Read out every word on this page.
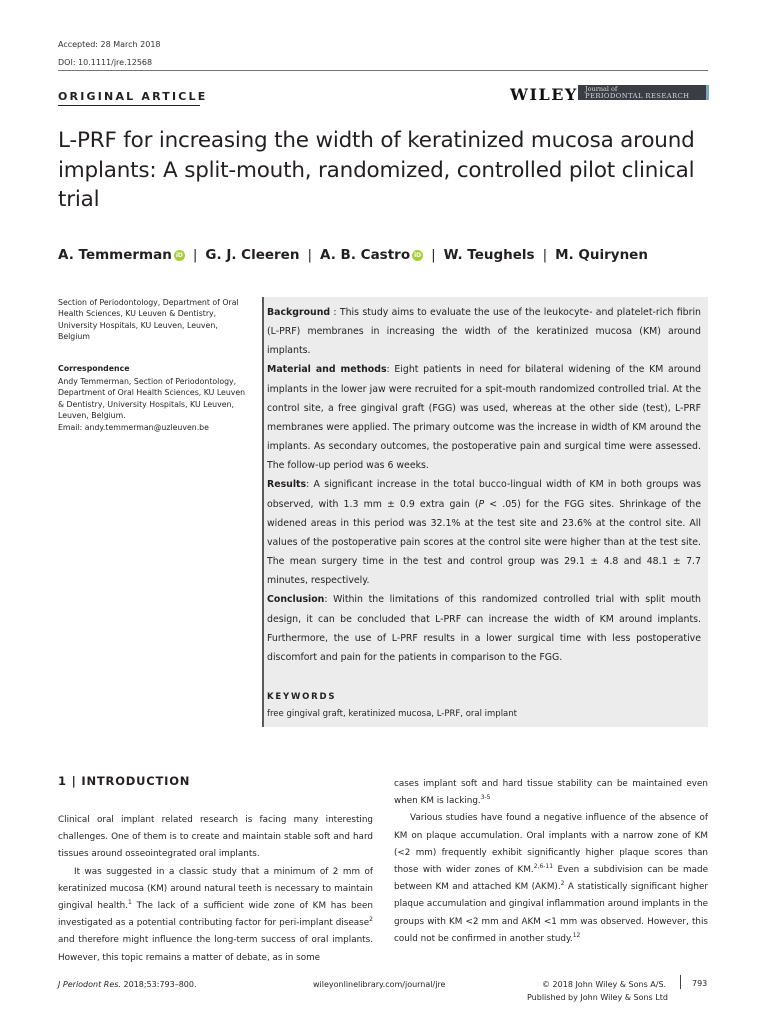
Accepted: 28 March 2018
DOI: 10.1111/jre.12568
ORIGINAL ARTICLE	WILEY Journal of
PERIODONTAL RESEARCH
L-PRF for increasing the width of keratinized mucosa around implants: A split-mouth, randomized, controlled pilot clinical trial
A. Temmerman iD | G. J. Cleeren | A. B. Castro iD | W. Teughels | M. Quirynen
Section of Periodontology, Department of Oral Health Sciences, KU Leuven & Dentistry, University Hospitals, KU Leuven, Leuven, Belgium
Correspondence
Andy Temmerman, Section of Periodontology, Department of Oral Health Sciences, KU Leuven & Dentistry, University Hospitals, KU Leuven, Leuven, Belgium.
Email: andy.temmerman@uzleuven.be

Background : This study aims to evaluate the use of the leukocyte- and platelet-rich fibrin (L-PRF) membranes in increasing the width of the keratinized mucosa (KM) around implants.

Material and methods: Eight patients in need for bilateral widening of the KM around implants in the lower jaw were recruited for a spit-mouth randomized controlled trial. At the control site, a free gingival graft (FGG) was used, whereas at the other side (test), L-PRF membranes were applied. The primary outcome was the increase in width of KM around the implants. As secondary outcomes, the postoperative pain and surgical time were assessed. The follow-up period was 6 weeks.

Results: A significant increase in the total bucco-lingual width of KM in both groups was observed, with 1.3 mm ± 0.9 extra gain (P < .05) for the FGG sites. Shrinkage of the widened areas in this period was 32.1% at the test site and 23.6% at the control site. All values of the postoperative pain scores at the control site were higher than at the test site. The mean surgery time in the test and control group was 29.1 ± 4.8 and 48.1 ± 7.7 minutes, respectively.

Conclusion: Within the limitations of this randomized controlled trial with split mouth design, it can be concluded that L-PRF can increase the width of KM around implants. Furthermore, the use of L-PRF results in a lower surgical time with less postoperative discomfort and pain for the patients in comparison to the FGG.

KEYWORDS
free gingival graft, keratinized mucosa, L-PRF, oral implant
1 | INTRODUCTION

Clinical oral implant related research is facing many interesting challenges. One of them is to create and maintain stable soft and hard tissues around osseointegrated oral implants.

It was suggested in a classic study that a minimum of 2 mm of keratinized mucosa (KM) around natural teeth is necessary to maintain gingival health.$^1$ The lack of a sufficient wide zone of KM has been investigated as a potential contributing factor for peri-implant disease$^2$ and therefore might influence the long-term success of oral implants. However, this topic remains a matter of debate, as in some

cases implant soft and hard tissue stability can be maintained even when KM is lacking.$^{3-5}$

Various studies have found a negative influence of the absence of KM on plaque accumulation. Oral implants with a narrow zone of KM (<2 mm) frequently exhibit significantly higher plaque scores than those with wider zones of KM.$^{2,6-11}$ Even a subdivision can be made between KM and attached KM (AKM).$^2$ A statistically significant higher plaque accumulation and gingival inflammation around implants in the groups with KM <2 mm and AKM <1 mm was observed. However, this could not be confirmed in another study.$^{12}$

J Periodont Res. 2018;53:793–800.	wileyonlinelibrary.com/journal/jre	© 2018 John Wiley & Sons A/S.
Published by John Wiley & Sons Ltd
793
